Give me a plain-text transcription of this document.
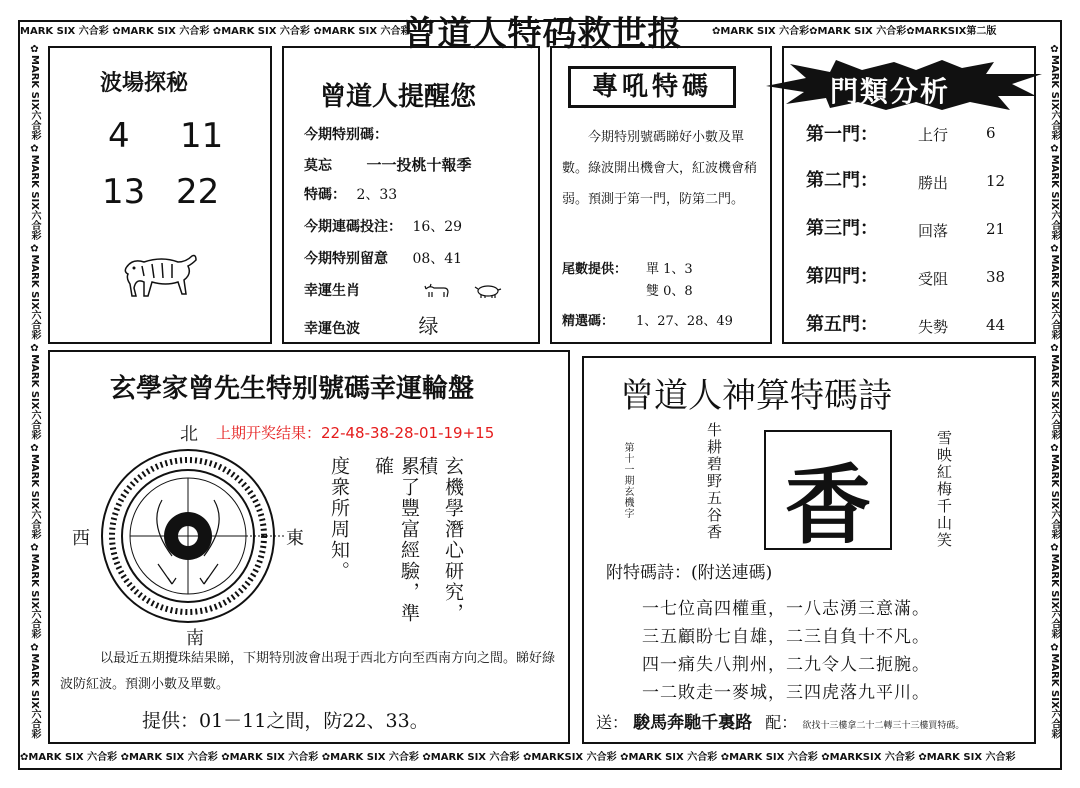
MARK SIX 六合彩 ✿MARK SIX 六合彩 ✿MARK SIX 六合彩 ✿MARK SIX 六合彩	✿MARK SIX 六合彩✿MARK SIX 六合彩✿MARKSIX第二版
✿MARK SIX 六合彩 ✿MARK SIX 六合彩 ✿MARK SIX 六合彩 ✿MARK SIX 六合彩 ✿MARK SIX 六合彩 ✿MARKSIX 六合彩 ✿MARK SIX 六合彩 ✿MARK SIX 六合彩 ✿MARKSIX 六合彩 ✿MARK SIX 六合彩
✿MARK SIX六合彩 ✿MARK SIX六合彩 ✿MARK SIX六合彩 ✿MARK SIX六合彩 ✿MARK SIX六合彩 ✿MARK SIX六合彩 ✿MARK SIX六合彩	✿MARK SIX六合彩 ✿MARK SIX六合彩 ✿MARK SIX六合彩 ✿MARK SIX六合彩 ✿MARK SIX六合彩 ✿MARK SIX六合彩 ✿MARK SIX六合彩
曾道人特码救世报
波場探秘
4 11
13 22
曾道人提醒您
今期特别碼：
莫忘 一一投桃十報季
特碼： 2、33
今期連碼投注： 16、29
今期特别留意 08、41
幸運生肖
幸運色波	绿
專吼特碼
今期特別號碼睇好小數及單數。綠波開出機會大，紅波機會稍弱。預測于第一門，防第二門。
尾數提供： 單 1、3
雙 0、8
精選碼： 1、27、28、49
門類分析
第一門：	上行	6
第二門：	勝出	12
第三門：	回落	21
第四門：	受阻	38
第五門：	失勢	44
玄學家曾先生特别號碼幸運輪盤
上期开奖结果：22-48-38-28-01-19+15
北
南
西	東	玄機學潛心研究，積
累了豐富經驗，準確
度衆所周知。
以最近五期攪珠結果睇，下期特別波會出現于西北方向至西南方向之間。睇好綠波防紅波。預測小數及單數。
提供：01－11之間，防22、33。
曾道人神算特碼詩
第十一期玄機字	牛耕碧野五谷香 香	雪映紅梅千山笑
附特碼詩：(附送連碼)
一七位高四權重，一八志湧三意滿。
三五顧盼七自雄，二三自負十不凡。
四一痛失八荆州，二九令人二扼腕。
一二敗走一麥城，三四虎落九平川。
送： 駿馬奔馳千裏路 配： 欲找十三樓拿二十二轉三十三樓買特碼。
